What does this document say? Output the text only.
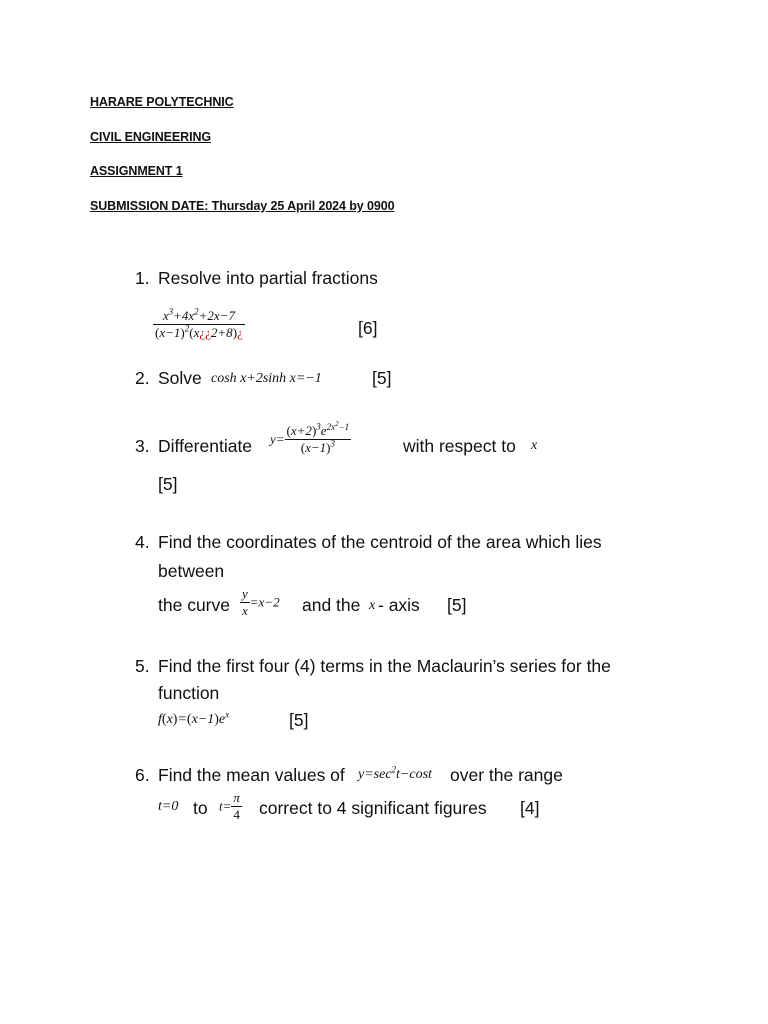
HARARE POLYTECHNIC
CIVIL ENGINEERING
ASSIGNMENT 1
SUBMISSION DATE: Thursday 25 April 2024 by 0900
1. Resolve into partial fractions
$\frac{x^3+4x^2+2x-7}{(x-1)^2(x¿¿2+8)¿}$	[6]
2. Solve cosh x+2sinh x=−1	[5]
3. Differentiate $y= \frac{(x+2)^3e^{2x^2-1}}{(x-1)^3}$	with respect to x
[5]
4. Find the coordinates of the centroid of the area which lies
between
the curve $\frac{y}{x} =x-2$ and the x - axis [5]
5. Find the first four (4) terms in the Maclaurin’s series for the
function
$f(x)=(x-1)e^x$	[5]
6. Find the mean values of $y=\sec^2t-\cos t$ over the range
t=0 to $t= \frac{\pi}{4}$ correct to 4 significant figures [4]
